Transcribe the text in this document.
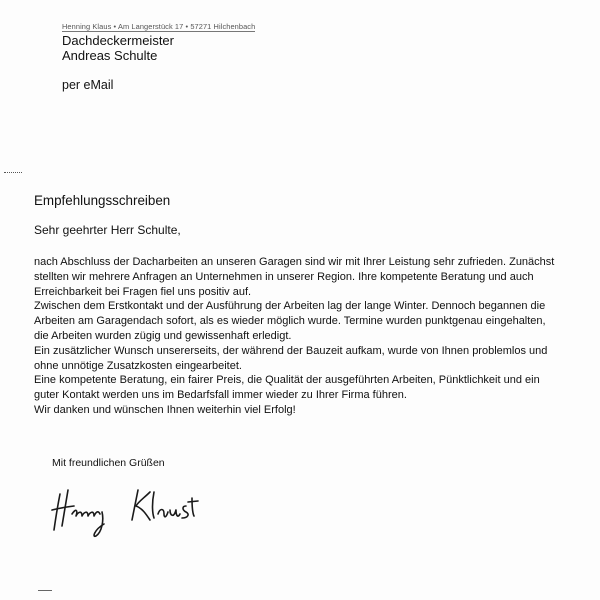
Henning Klaus • Am Langerstück 17 • 57271 Hilchenbach
Dachdeckermeister
Andreas Schulte
per eMail
Empfehlungsschreiben
Sehr geehrter Herr Schulte,
nach Abschluss der Dacharbeiten an unseren Garagen sind wir mit Ihrer Leistung sehr zufrieden. Zunächst
stellten wir mehrere Anfragen an Unternehmen in unserer Region. Ihre kompetente Beratung und auch
Erreichbarkeit bei Fragen fiel uns positiv auf.
Zwischen dem Erstkontakt und der Ausführung der Arbeiten lag der lange Winter. Dennoch begannen die
Arbeiten am Garagendach sofort, als es wieder möglich wurde. Termine wurden punktgenau eingehalten,
die Arbeiten wurden zügig und gewissenhaft erledigt.
Ein zusätzlicher Wunsch unsererseits, der während der Bauzeit aufkam, wurde von Ihnen problemlos und
ohne unnötige Zusatzkosten eingearbeitet.
Eine kompetente Beratung, ein fairer Preis, die Qualität der ausgeführten Arbeiten, Pünktlichkeit und ein
guter Kontakt werden uns im Bedarfsfall immer wieder zu Ihrer Firma führen.
Wir danken und wünschen Ihnen weiterhin viel Erfolg!
Mit freundlichen Grüßen
